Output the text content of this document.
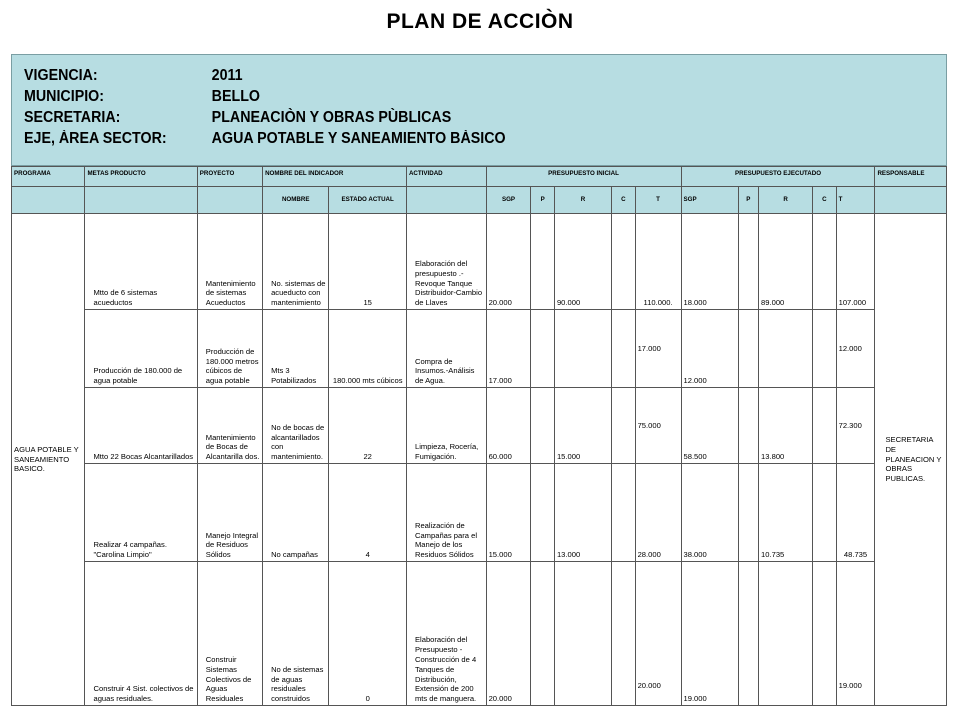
PLAN DE ACCIÒN
VIGENCIA:	2011
MUNICIPIO:	BELLO
SECRETARIA:	PLANEACIÒN Y OBRAS PÙBLICAS
EJE, ÀREA SECTOR:	AGUA POTABLE Y SANEAMIENTO BÀSICO
PROGRAMA	METAS PRODUCTO	PROYECTO	NOMBRE DEL INDICADOR		ACTIVIDAD	PRESUPUESTO INICIAL					PRESUPUESTO EJECUTADO					RESPONSABLE
			NOMBRE	ESTADO ACTUAL		SGP	P	R	C	T	SGP	P	R	C	T	
AGUA POTABLE Y SANEAMIENTO BASICO.	Mtto de 6 sistemas acueductos	Mantenimiento de sistemas Acueductos	No. sistemas de acueducto con mantenimiento	15	Elaboración del presupuesto .-Revoque Tanque Distribuidor-Cambio de Llaves	20.000		90.000		110.000.	18.000		89.000		107.000	SECRETARIA DE PLANEACION Y OBRAS PUBLICAS.
	Producción de 180.000 de agua potable	Producción de 180.000 metros cúbicos de agua potable	Mts 3 Potabilizados	180.000 mts cúbicos	Compra de Insumos.-Análisis de Agua.	17.000				17.000	12.000				12.000	
	Mtto 22 Bocas Alcantarillados	Mantenimiento de Bocas de Alcantarilla dos.	No de bocas de alcantarillados con mantenimiento.	22	Limpieza, Rocería, Fumigación.	60.000		15.000		75.000	58.500		13.800		72.300	
	Realizar 4 campañas. "Carolina Limpio"	Manejo Integral de Residuos Sólidos	No campañas	4	Realización de Campañas para el Manejo de los Residuos Sólidos	15.000		13.000		28.000	38.000		10.735		48.735	
	Construir 4 Sist. colectivos de aguas residuales.	Construir Sistemas Colectivos de Aguas Residuales	No de sistemas de aguas residuales construidos	0	Elaboración del Presupuesto -Construcción de 4 Tanques de Distribución, Extensión de 200 mts de manguera.	20.000				20.000	19.000				19.000	
